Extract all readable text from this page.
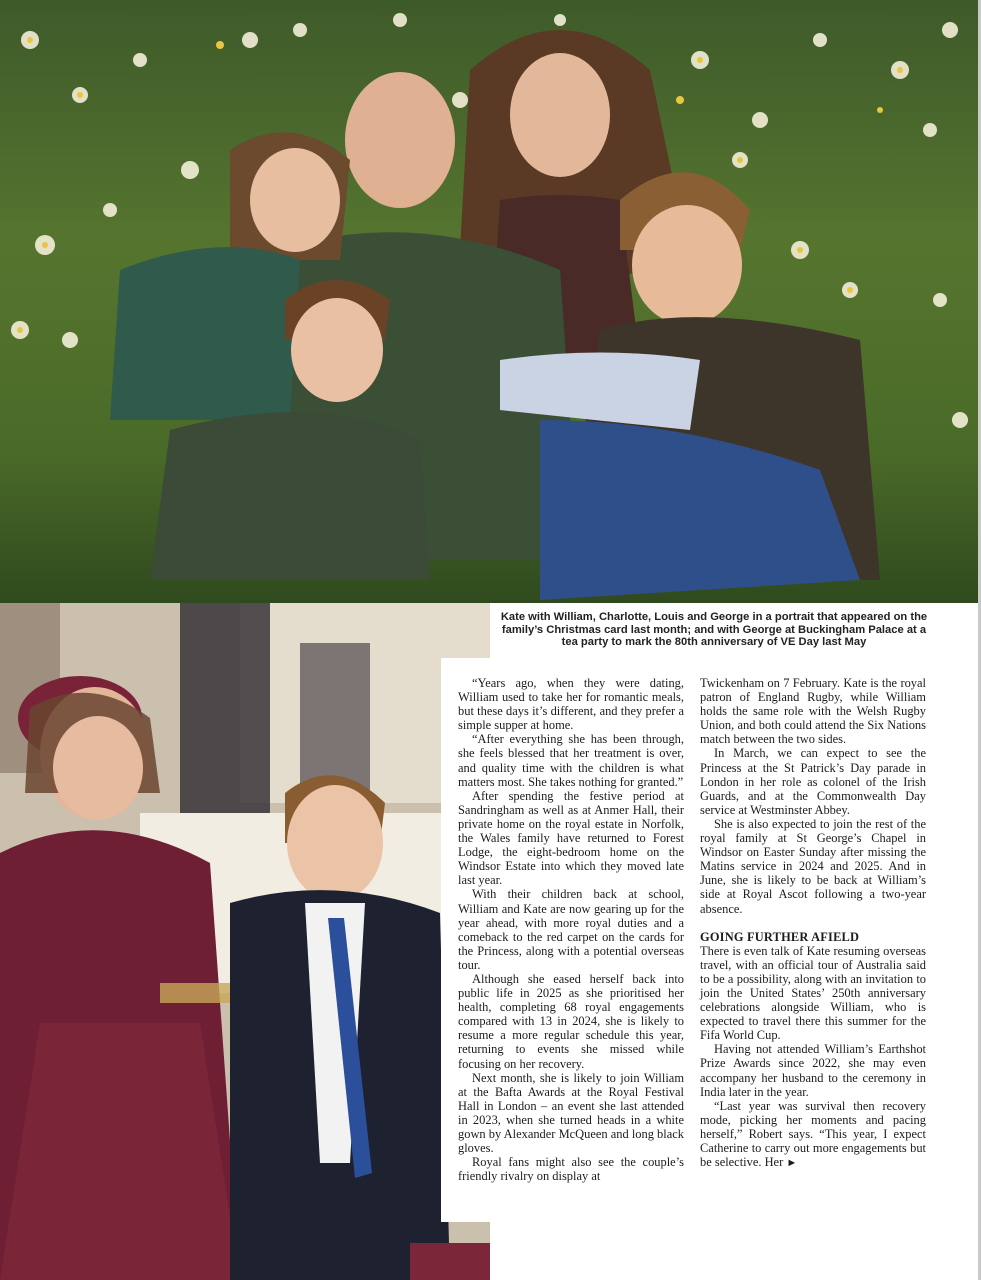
Kate with William, Charlotte, Louis and George in a portrait that appeared on the family’s Christmas card last month; and with George at Buckingham Palace at a tea party to mark the 80th anniversary of VE Day last May

“Years ago, when they were dating, William used to take her for romantic meals, but these days it’s different, and they prefer a simple supper at home.

“After everything she has been through, she feels blessed that her treatment is over, and quality time with the children is what matters most. She takes nothing for granted.”

After spending the festive period at Sandringham as well as at Anmer Hall, their private home on the royal estate in Norfolk, the Wales family have returned to Forest Lodge, the eight-bedroom home on the Windsor Estate into which they moved late last year.

With their children back at school, William and Kate are now gearing up for the year ahead, with more royal duties and a comeback to the red carpet on the cards for the Princess, along with a potential overseas tour.

Although she eased herself back into public life in 2025 as she prioritised her health, completing 68 royal engagements compared with 13 in 2024, she is likely to resume a more regular schedule this year, returning to events she missed while focusing on her recovery.

Next month, she is likely to join William at the Bafta Awards at the Royal Festival Hall in London – an event she last attended in 2023, when she turned heads in a white gown by Alexander McQueen and long black gloves.

Royal fans might also see the couple’s friendly rivalry on display at

Twickenham on 7 February. Kate is the royal patron of England Rugby, while William holds the same role with the Welsh Rugby Union, and both could attend the Six Nations match between the two sides.

In March, we can expect to see the Princess at the St Patrick’s Day parade in London in her role as colonel of the Irish Guards, and at the Commonwealth Day service at Westminster Abbey.

She is also expected to join the rest of the royal family at St George’s Chapel in Windsor on Easter Sunday after missing the Matins service in 2024 and 2025. And in June, she is likely to be back at William’s side at Royal Ascot following a two-year absence.

GOING FURTHER AFIELD

There is even talk of Kate resuming overseas travel, with an official tour of Australia said to be a possibility, along with an invitation to join the United States’ 250th anniversary celebrations alongside William, who is expected to travel there this summer for the Fifa World Cup.

Having not attended William’s Earthshot Prize Awards since 2022, she may even accompany her husband to the ceremony in India later in the year.

“Last year was survival then recovery mode, picking her moments and pacing herself,” Robert says. “This year, I expect Catherine to carry out more engagements but be selective. Her ►
